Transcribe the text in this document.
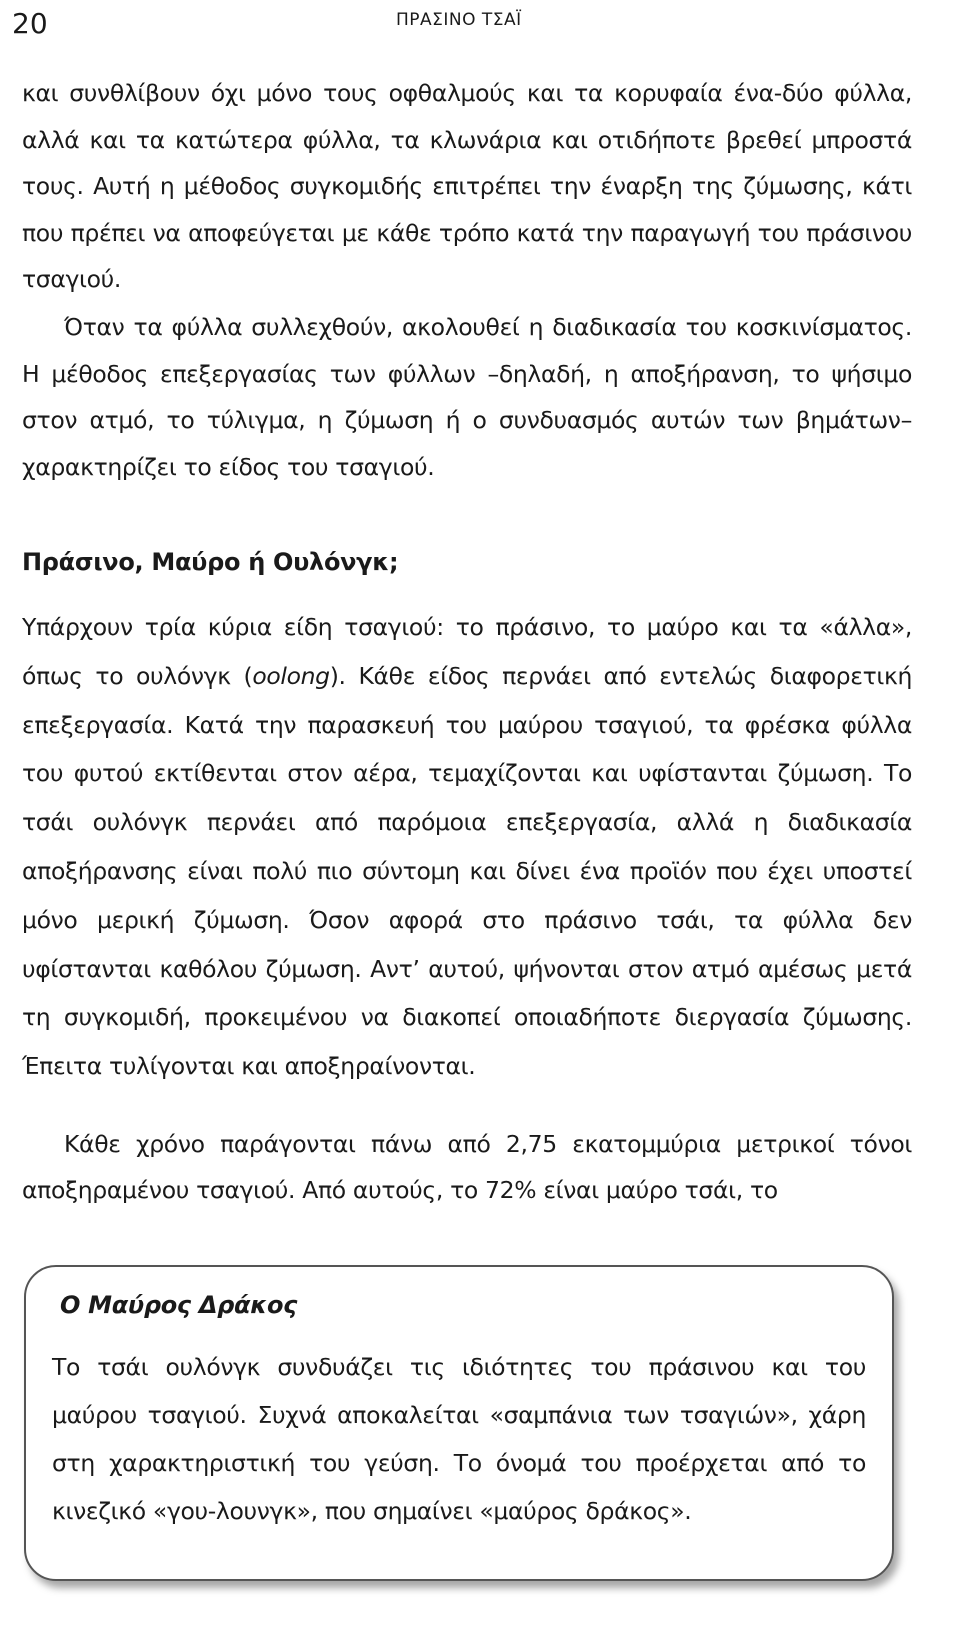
20	ΠΡΑΣΙΝΟ ΤΣΑΪ

και συνθλίβουν όχι μόνο τους οφθαλμούς και τα κορυφαία ένα-δύο φύλλα, αλλά και τα κατώτερα φύλλα, τα κλωνάρια και οτιδήποτε βρεθεί μπροστά τους. Αυτή η μέθοδος συγκομιδής επιτρέπει την έναρξη της ζύμωσης, κάτι που πρέπει να αποφεύγεται με κάθε τρόπο κατά την παραγωγή του πράσινου τσαγιού.

Όταν τα φύλλα συλλεχθούν, ακολουθεί η διαδικασία του κοσκινίσματος. Η μέθοδος επεξεργασίας των φύλλων –δηλαδή, η αποξήρανση, το ψήσιμο στον ατμό, το τύλιγμα, η ζύμωση ή ο συνδυασμός αυτών των βημάτων– χαρακτηρίζει το είδος του τσαγιού.

Πράσινο, Μαύρο ή Ουλόνγκ;

Υπάρχουν τρία κύρια είδη τσαγιού: το πράσινο, το μαύρο και τα «άλλα», όπως το ουλόνγκ (oolong). Κάθε είδος περνάει από εντελώς διαφορετική επεξεργασία. Κατά την παρασκευή του μαύρου τσαγιού, τα φρέσκα φύλλα του φυτού εκτίθενται στον αέρα, τεμαχίζονται και υφίστανται ζύμωση. Το τσάι ουλόνγκ περνάει από παρόμοια επεξεργασία, αλλά η διαδικασία αποξήρανσης είναι πολύ πιο σύντομη και δίνει ένα προϊόν που έχει υποστεί μόνο μερική ζύμωση. Όσον αφορά στο πράσινο τσάι, τα φύλλα δεν υφίστανται καθόλου ζύμωση. Αντ’ αυτού, ψήνονται στον ατμό αμέσως μετά τη συγκομιδή, προκειμένου να διακοπεί οποιαδήποτε διεργασία ζύμωσης. Έπειτα τυλίγονται και αποξηραίνονται.

Κάθε χρόνο παράγονται πάνω από 2,75 εκατομμύρια μετρικοί τόνοι αποξηραμένου τσαγιού. Από αυτούς, το 72% είναι μαύρο τσάι, το

Ο Μαύρος Δράκος

Το τσάι ουλόνγκ συνδυάζει τις ιδιότητες του πράσινου και του μαύρου τσαγιού. Συχνά αποκαλείται «σαμπάνια των τσαγιών», χάρη στη χαρακτηριστική του γεύση. Το όνομά του προέρχεται από το κινεζικό «γου-λουνγκ», που σημαίνει «μαύρος δράκος».
